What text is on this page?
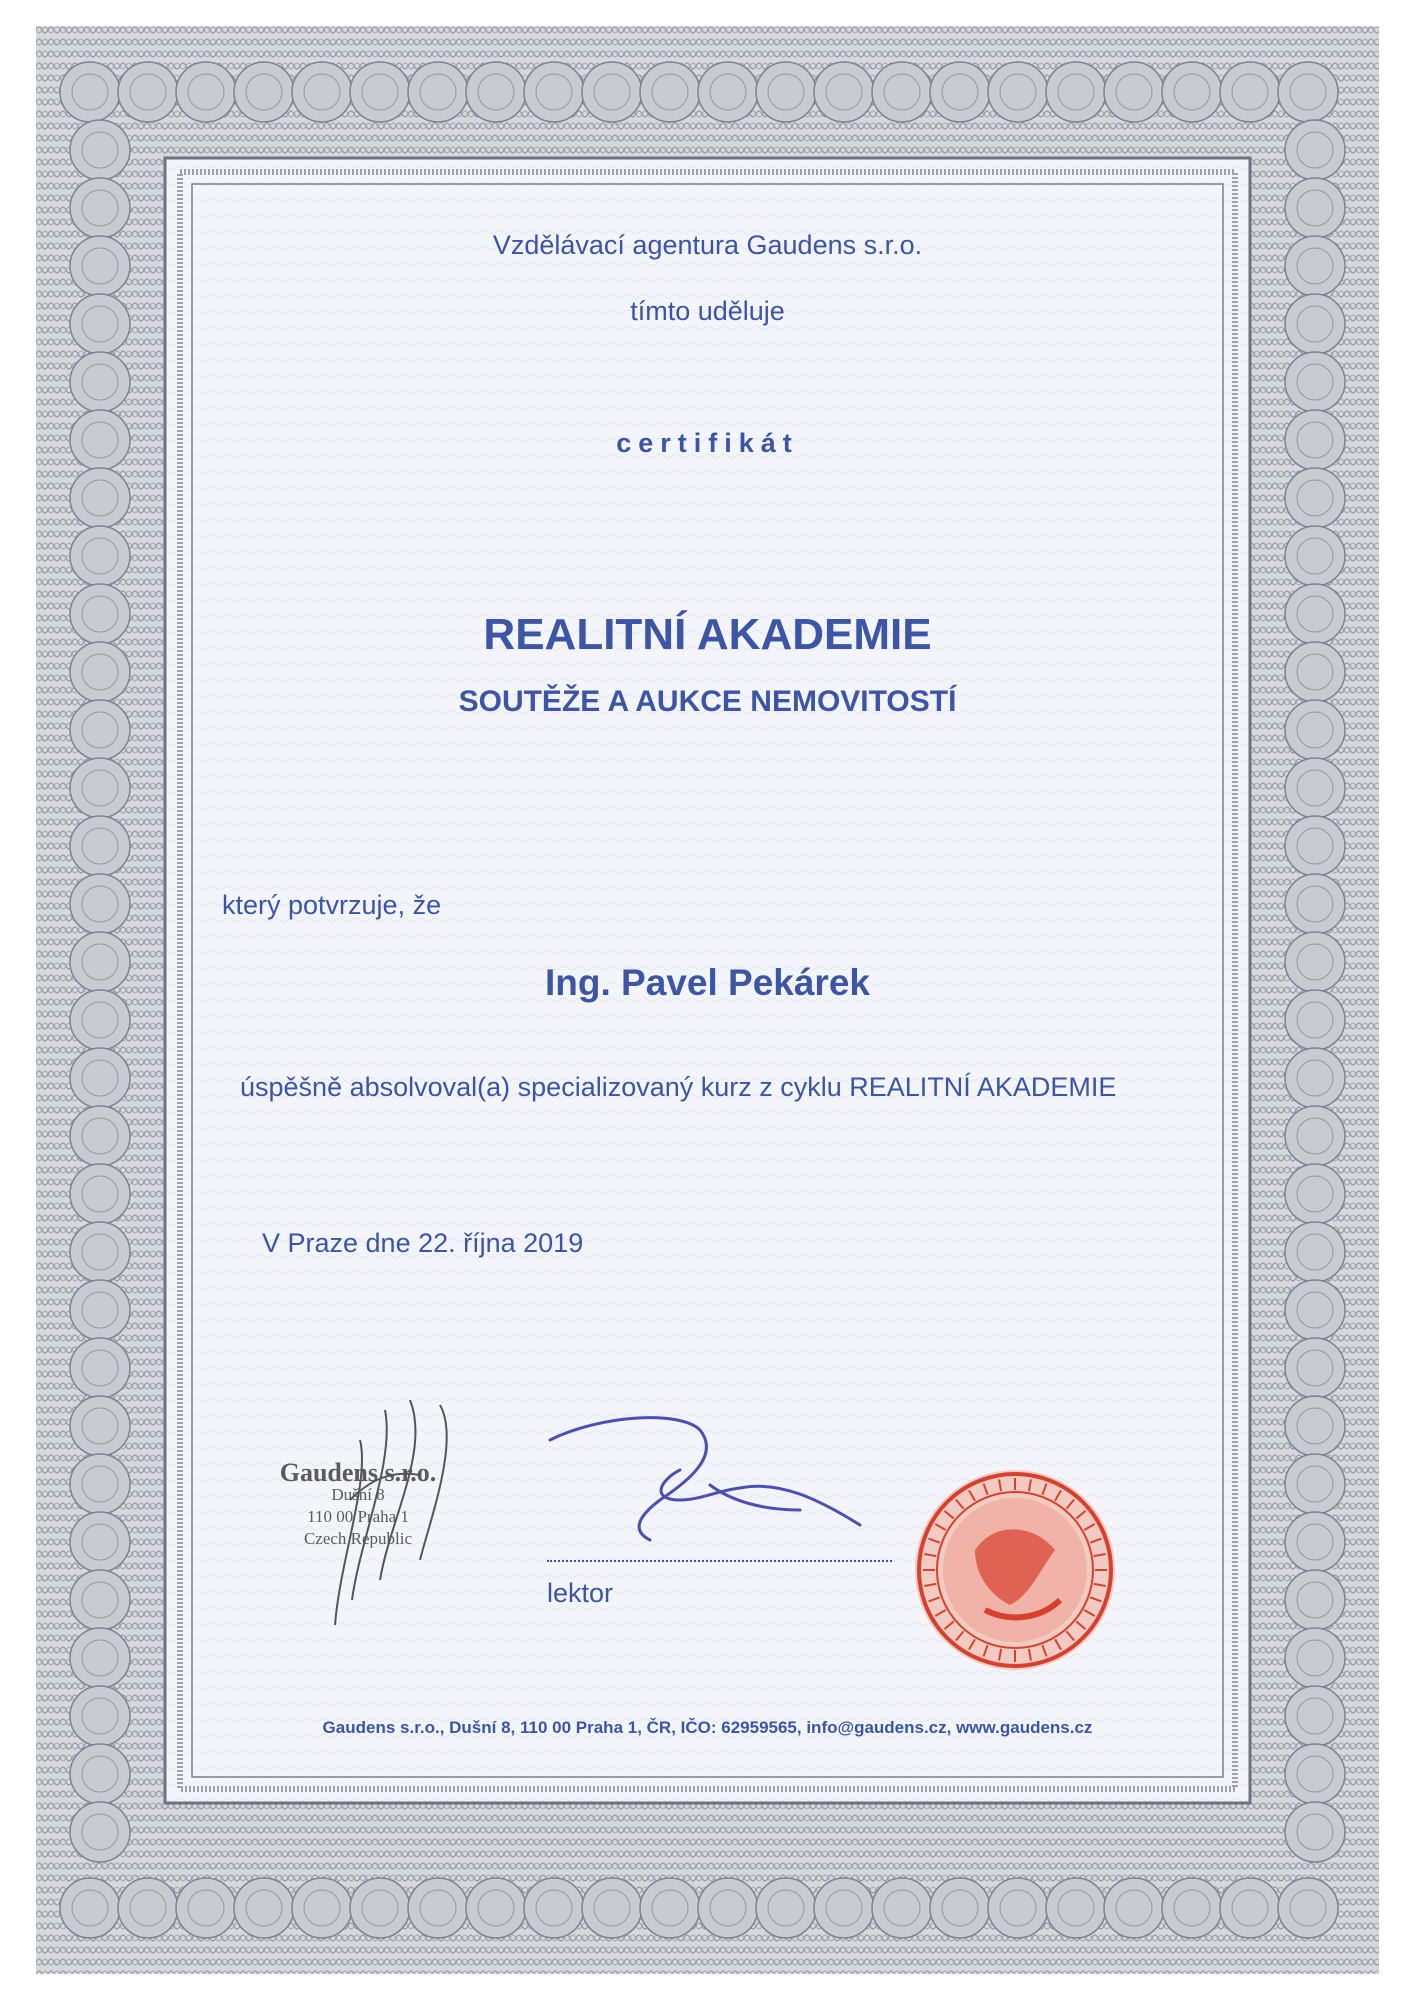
Vzdělávací agentura Gaudens s.r.o.
tímto uděluje
certifikát
REALITNÍ AKADEMIE
SOUTĚŽE A AUKCE NEMOVITOSTÍ
který potvrzuje, že
Ing. Pavel Pekárek
úspěšně absolvoval(a) specializovaný kurz z cyklu REALITNÍ AKADEMIE
V Praze dne 22. října 2019
Gaudens s.r.o.
Dušní 8
110 00 Praha 1
Czech Republic
lektor
Gaudens s.r.o., Dušní 8, 110 00 Praha 1, ČR, IČO: 62959565, info@gaudens.cz, www.gaudens.cz
